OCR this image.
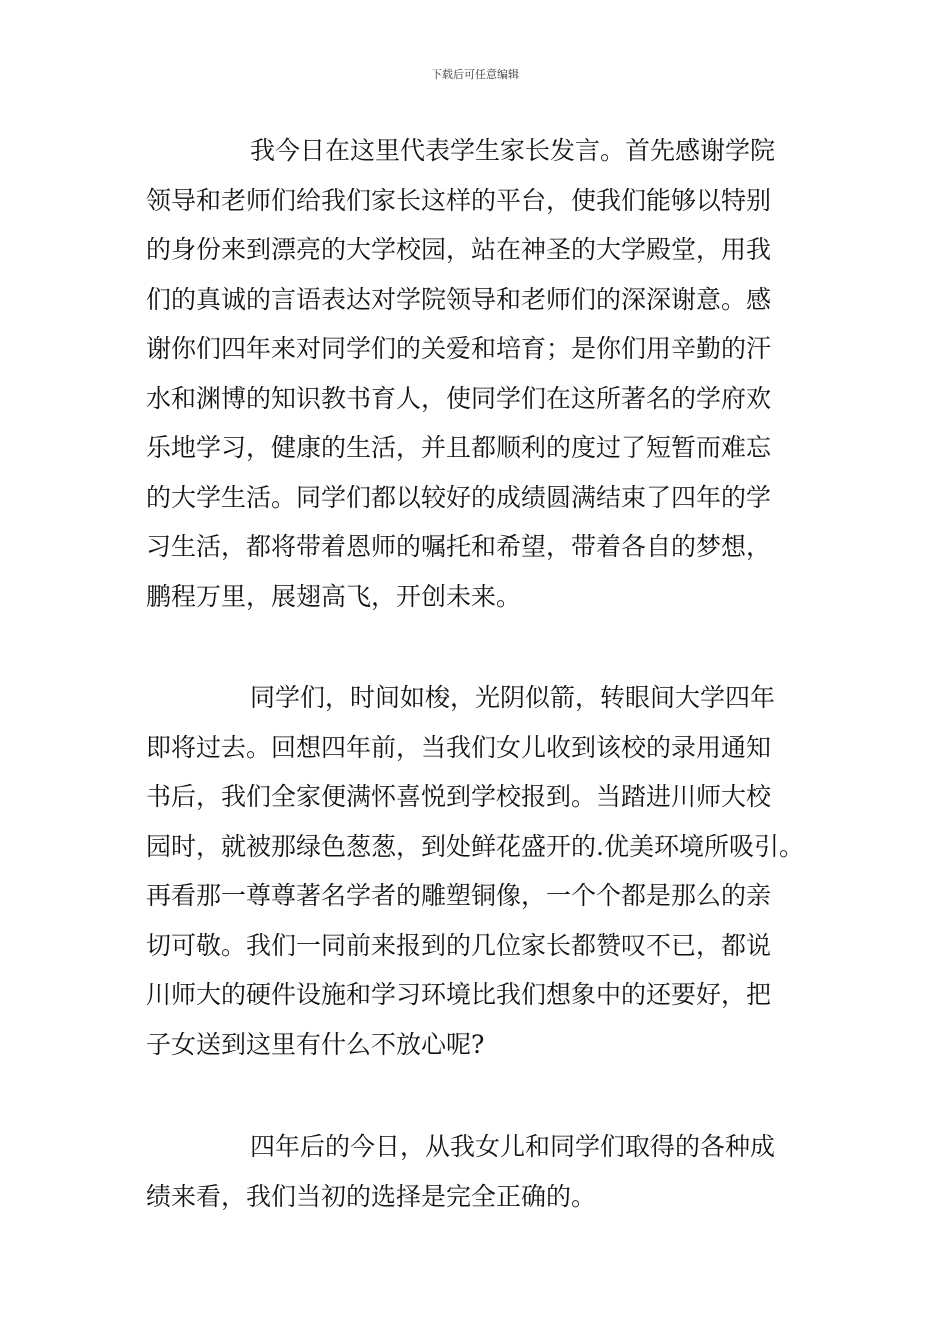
下载后可任意编辑
我今日在这里代表学生家长发言。首先感谢学院
领导和老师们给我们家长这样的平台，使我们能够以特别
的身份来到漂亮的大学校园，站在神圣的大学殿堂，用我
们的真诚的言语表达对学院领导和老师们的深深谢意。感
谢你们四年来对同学们的关爱和培育；是你们用辛勤的汗
水和渊博的知识教书育人，使同学们在这所著名的学府欢
乐地学习，健康的生活，并且都顺利的度过了短暂而难忘
的大学生活。同学们都以较好的成绩圆满结束了四年的学
习生活，都将带着恩师的嘱托和希望，带着各自的梦想，
鹏程万里，展翅高飞，开创未来。
同学们，时间如梭，光阴似箭，转眼间大学四年
即将过去。回想四年前，当我们女儿收到该校的录用通知
书后，我们全家便满怀喜悦到学校报到。当踏进川师大校
园时，就被那绿色葱葱，到处鲜花盛开的.优美环境所吸引。
再看那一尊尊著名学者的雕塑铜像，一个个都是那么的亲
切可敬。我们一同前来报到的几位家长都赞叹不已，都说
川师大的硬件设施和学习环境比我们想象中的还要好，把
子女送到这里有什么不放心呢?
四年后的今日，从我女儿和同学们取得的各种成
绩来看，我们当初的选择是完全正确的。
